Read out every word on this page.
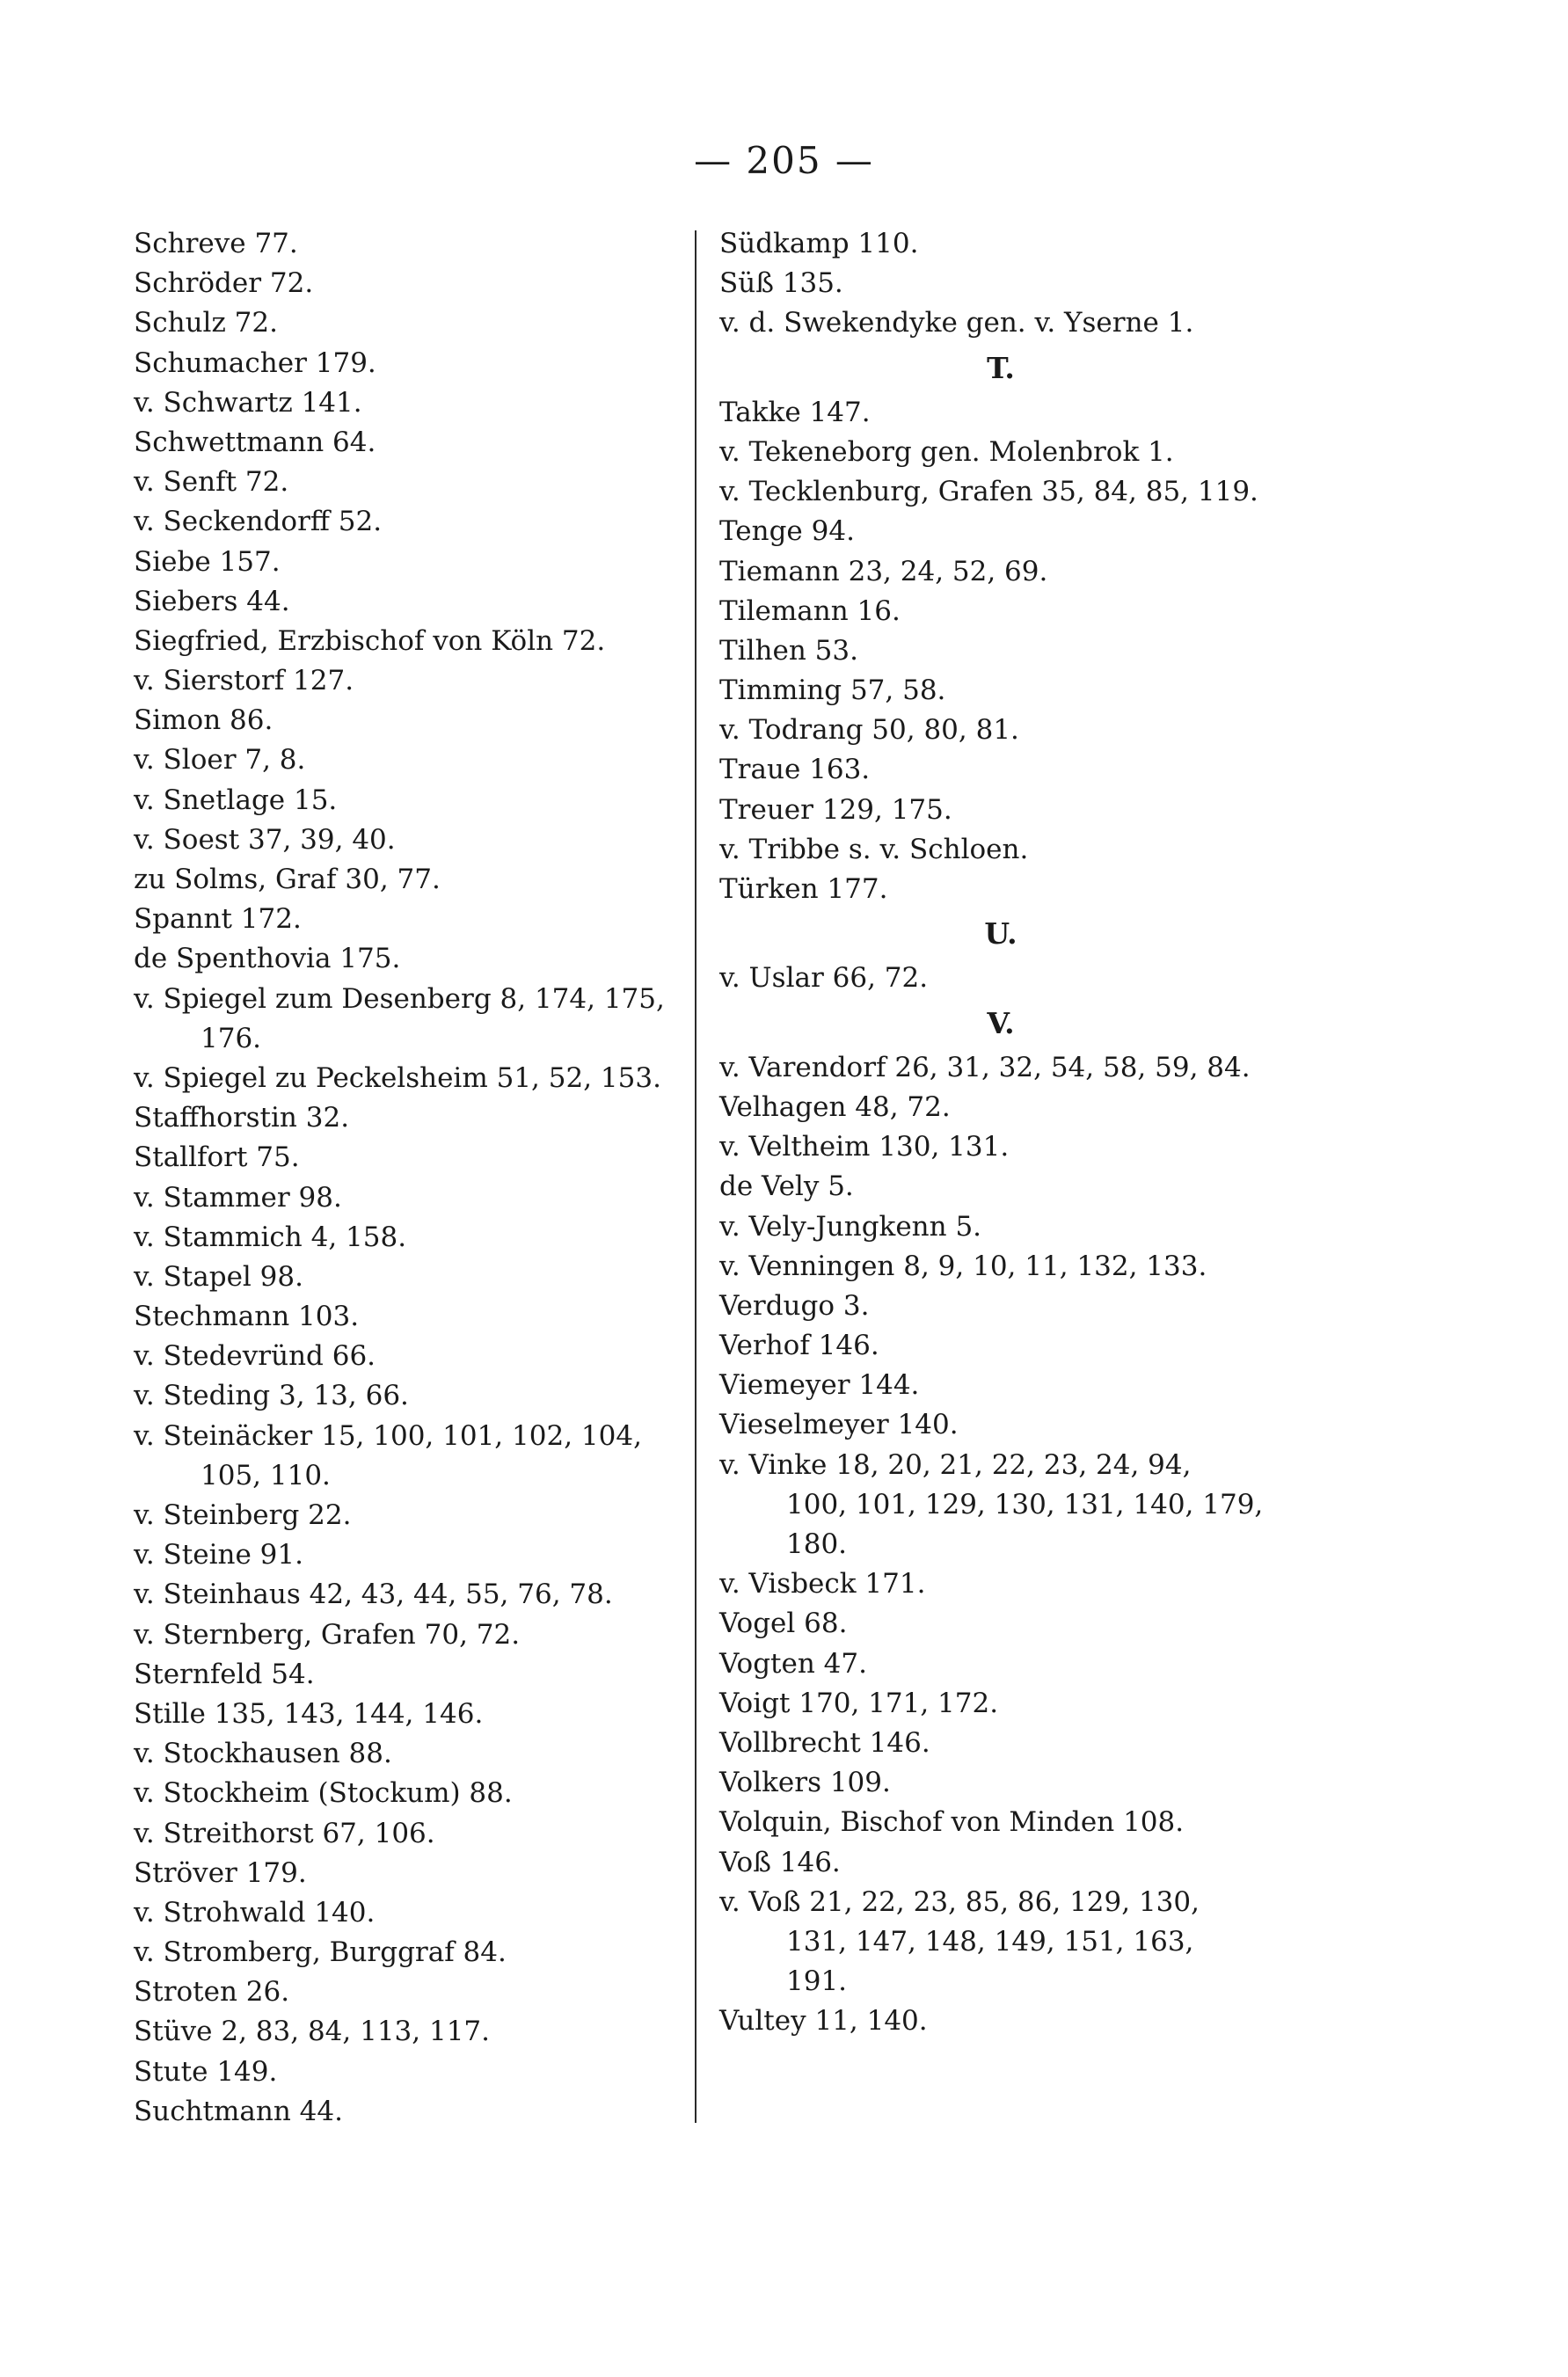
— 205 —
Schreve 77.
Schröder 72.
Schulz 72.
Schumacher 179.
v. Schwartz 141.
Schwettmann 64.
v. Senft 72.
v. Seckendorff 52.
Siebe 157.
Siebers 44.
Siegfried, Erzbischof von Köln 72.
v. Sierstorf 127.
Simon 86.
v. Sloer 7, 8.
v. Snetlage 15.
v. Soest 37, 39, 40.
zu Solms, Graf 30, 77.
Spannt 172.
de Spenthovia 175.
v. Spiegel zum Desenberg 8, 174, 175,
176.
v. Spiegel zu Peckelsheim 51, 52, 153.
Staffhorstin 32.
Stallfort 75.
v. Stammer 98.
v. Stammich 4, 158.
v. Stapel 98.
Stechmann 103.
v. Stedevründ 66.
v. Steding 3, 13, 66.
v. Steinäcker 15, 100, 101, 102, 104,
105, 110.
v. Steinberg 22.
v. Steine 91.
v. Steinhaus 42, 43, 44, 55, 76, 78.
v. Sternberg, Grafen 70, 72.
Sternfeld 54.
Stille 135, 143, 144, 146.
v. Stockhausen 88.
v. Stockheim (Stockum) 88.
v. Streithorst 67, 106.
Ströver 179.
v. Strohwald 140.
v. Stromberg, Burggraf 84.
Stroten 26.
Stüve 2, 83, 84, 113, 117.
Stute 149.
Suchtmann 44.
Südkamp 110.
Süß 135.
v. d. Swekendyke gen. v. Yserne 1.
T.
Takke 147.
v. Tekeneborg gen. Molenbrok 1.
v. Tecklenburg, Grafen 35, 84, 85, 119.
Tenge 94.
Tiemann 23, 24, 52, 69.
Tilemann 16.
Tilhen 53.
Timming 57, 58.
v. Todrang 50, 80, 81.
Traue 163.
Treuer 129, 175.
v. Tribbe s. v. Schloen.
Türken 177.
U.
v. Uslar 66, 72.
V.
v. Varendorf 26, 31, 32, 54, 58, 59, 84.
Velhagen 48, 72.
v. Veltheim 130, 131.
de Vely 5.
v. Vely-Jungkenn 5.
v. Venningen 8, 9, 10, 11, 132, 133.
Verdugo 3.
Verhof 146.
Viemeyer 144.
Vieselmeyer 140.
v. Vinke 18, 20, 21, 22, 23, 24, 94,
100, 101, 129, 130, 131, 140, 179,
180.
v. Visbeck 171.
Vogel 68.
Vogten 47.
Voigt 170, 171, 172.
Vollbrecht 146.
Volkers 109.
Volquin, Bischof von Minden 108.
Voß 146.
v. Voß 21, 22, 23, 85, 86, 129, 130,
131, 147, 148, 149, 151, 163,
191.
Vultey 11, 140.
